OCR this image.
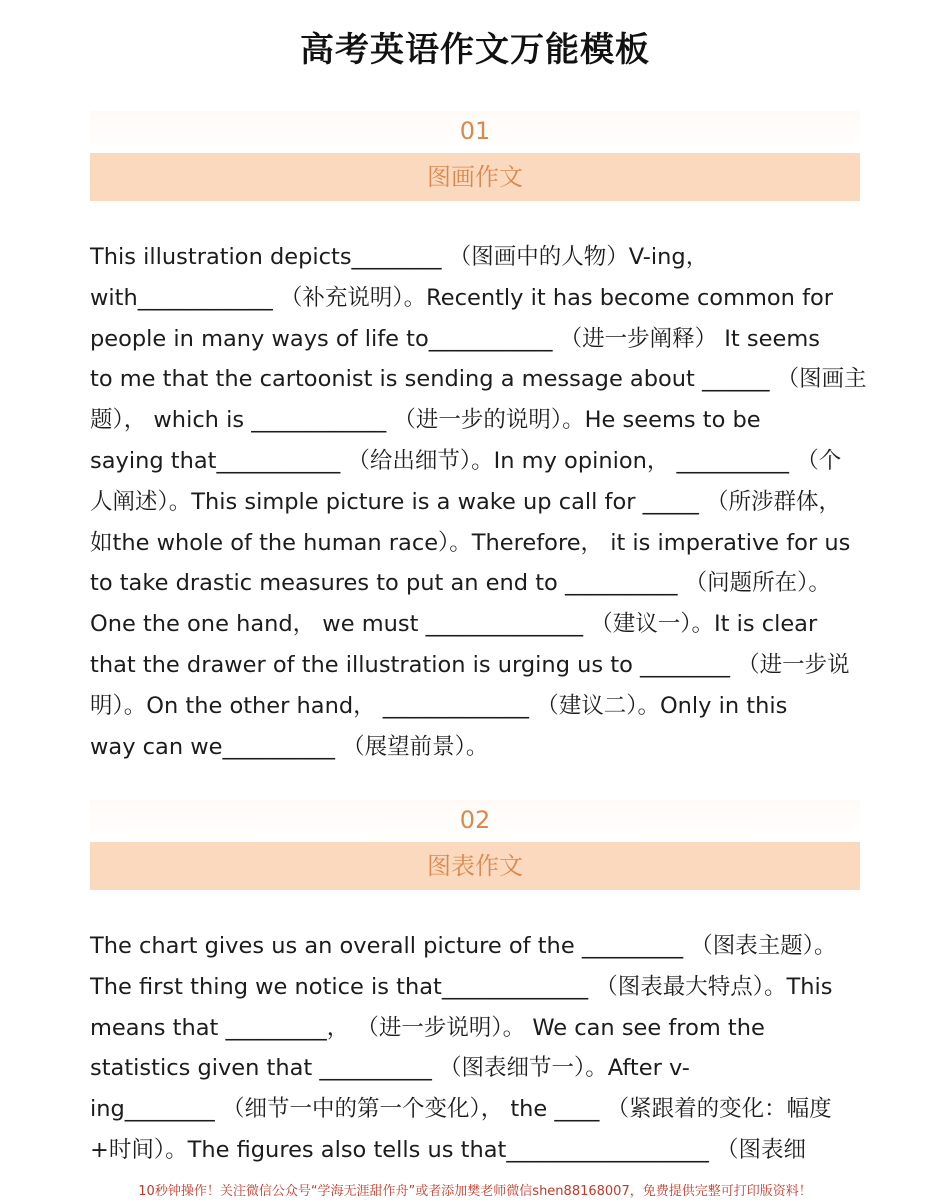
高考英语作文万能模板
01
图画作文
This illustration depicts________ （图画中的人物）V-ing，
with____________ （补充说明）。Recently it has become common for
people in many ways of life to___________ （进一步阐释） It seems
to me that the cartoonist is sending a message about ______ （图画主
题）， which is ____________ （进一步的说明）。He seems to be
saying that___________ （给出细节）。In my opinion， __________ （个
人阐述）。This simple picture is a wake up call for _____ （所涉群体，
如the whole of the human race）。Therefore， it is imperative for us
to take drastic measures to put an end to __________ （问题所在）。
One the one hand， we must ______________ （建议一）。It is clear
that the drawer of the illustration is urging us to ________ （进一步说
明）。On the other hand， _____________ （建议二）。Only in this
way can we__________ （展望前景）。
02
图表作文
The chart gives us an overall picture of the _________ （图表主题）。
The first thing we notice is that_____________ （图表最大特点）。This
means that _________， （进一步说明）。 We can see from the
statistics given that __________ （图表细节一）。After v-
ing________ （细节一中的第一个变化）， the ____ （紧跟着的变化：幅度
+时间）。The figures also tells us that__________________ （图表细
10秒钟操作！关注微信公众号“学海无涯甜作舟”或者添加樊老师微信shen88168007，免费提供完整可打印版资料！
